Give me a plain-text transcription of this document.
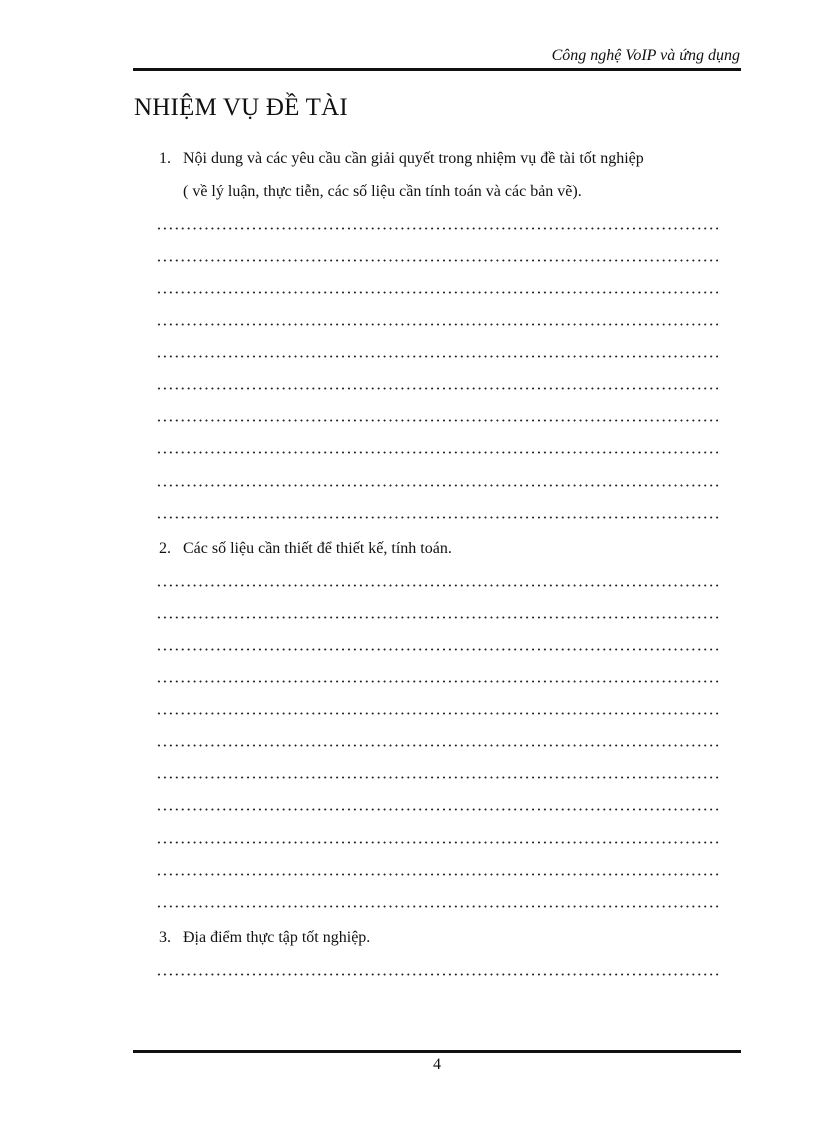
Công nghệ VoIP và ứng dụng
NHIỆM VỤ ĐỀ TÀI
1. Nội dung và các yêu cầu cần giải quyết trong nhiệm vụ đề tài tốt nghiệp
( về lý luận, thực tiễn, các số liệu cần tính toán và các bản vẽ).
2. Các số liệu cần thiết để thiết kế, tính toán.
3. Địa điểm thực tập tốt nghiệp.
4
